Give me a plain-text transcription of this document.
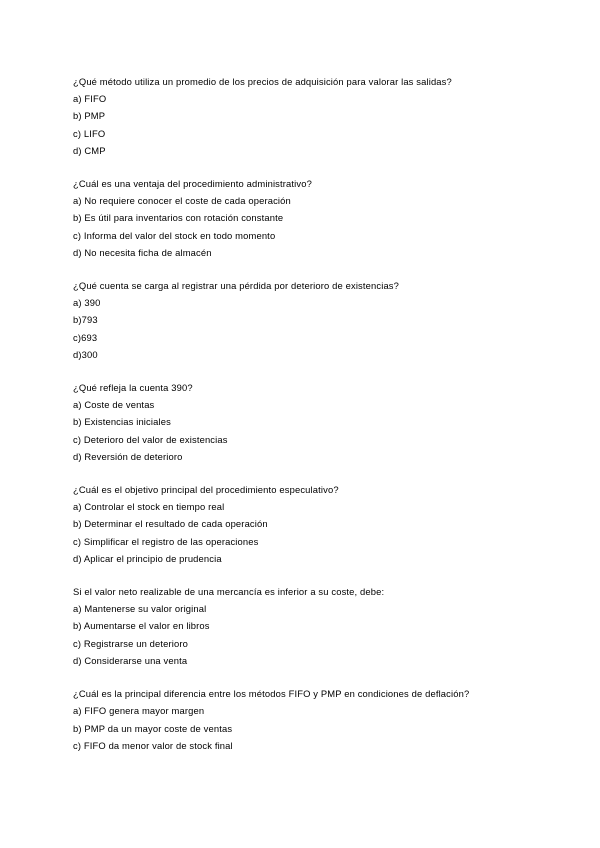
¿Qué método utiliza un promedio de los precios de adquisición para valorar las salidas?
a) FIFO
b) PMP
c) LIFO
d) CMP
¿Cuál es una ventaja del procedimiento administrativo?
a) No requiere conocer el coste de cada operación
b) Es útil para inventarios con rotación constante
c) Informa del valor del stock en todo momento
d) No necesita ficha de almacén
¿Qué cuenta se carga al registrar una pérdida por deterioro de existencias?
a) 390
b)793
c)693
d)300
¿Qué refleja la cuenta 390?
a) Coste de ventas
b) Existencias iniciales
c) Deterioro del valor de existencias
d) Reversión de deterioro
¿Cuál es el objetivo principal del procedimiento especulativo?
a) Controlar el stock en tiempo real
b) Determinar el resultado de cada operación
c) Simplificar el registro de las operaciones
d) Aplicar el principio de prudencia
Si el valor neto realizable de una mercancía es inferior a su coste, debe:
a) Mantenerse su valor original
b) Aumentarse el valor en libros
c) Registrarse un deterioro
d) Considerarse una venta
¿Cuál es la principal diferencia entre los métodos FIFO y PMP en condiciones de deflación?
a) FIFO genera mayor margen
b) PMP da un mayor coste de ventas
c) FIFO da menor valor de stock final
